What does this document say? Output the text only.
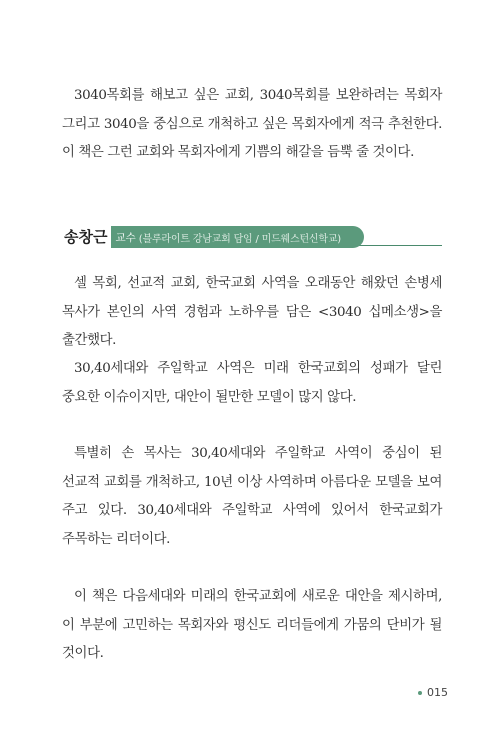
3040목회를 해보고 싶은 교회, 3040목회를 보완하려는 목회자 그리고 3040을 중심으로 개척하고 싶은 목회자에게 적극 추천한다. 이 책은 그런 교회와 목회자에게 기쁨의 해갈을 듬뿍 줄 것이다.

송창근 교수 (블루라이트 강남교회 담임 / 미드웨스턴신학교)

셀 목회, 선교적 교회, 한국교회 사역을 오래동안 해왔던 손병세 목사가 본인의 사역 경험과 노하우를 담은 <3040 십메소생>을 출간했다.

30,40세대와 주일학교 사역은 미래 한국교회의 성패가 달린 중요한 이슈이지만, 대안이 될만한 모델이 많지 않다.

특별히 손 목사는 30,40세대와 주일학교 사역이 중심이 된 선교적 교회를 개척하고, 10년 이상 사역하며 아름다운 모델을 보여 주고 있다. 30,40세대와 주일학교 사역에 있어서 한국교회가 주목하는 리더이다.

이 책은 다음세대와 미래의 한국교회에 새로운 대안을 제시하며, 이 부분에 고민하는 목회자와 평신도 리더들에게 가뭄의 단비가 될 것이다.

015
